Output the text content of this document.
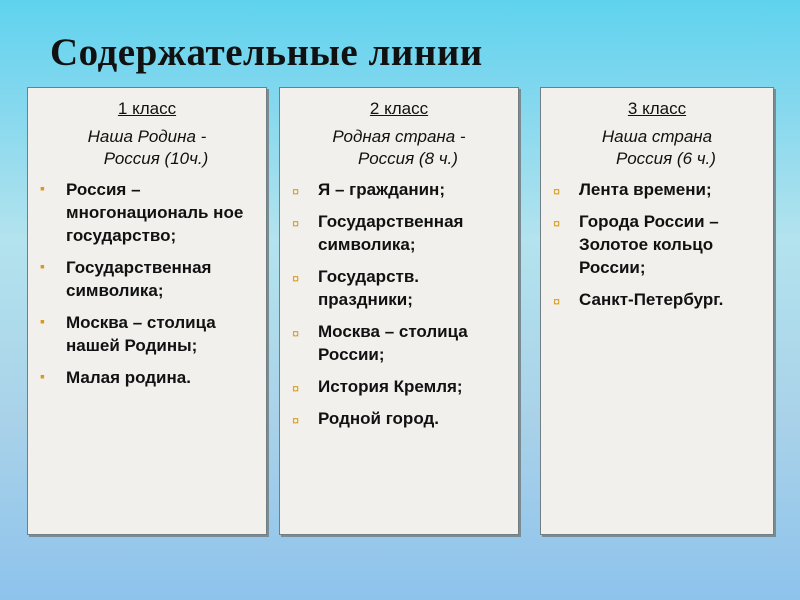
Содержательные линии
1 класс
Наша Родина -
Россия (10ч.)
▪
Россия – многонациональ ное государство;
▪
Государственная символика;
▪
Москва – столица нашей Родины;
▪
Малая родина.
2 класс
Родная страна -
Россия (8 ч.)
¤
Я – гражданин;
¤
Государственная символика;
¤
Государств. праздники;
¤
Москва – столица России;
¤
История Кремля;
¤
Родной город.
3 класс
Наша страна
Россия (6 ч.)
¤
Лента времени;
¤
Города России – Золотое кольцо России;
¤
Санкт-Петербург.
